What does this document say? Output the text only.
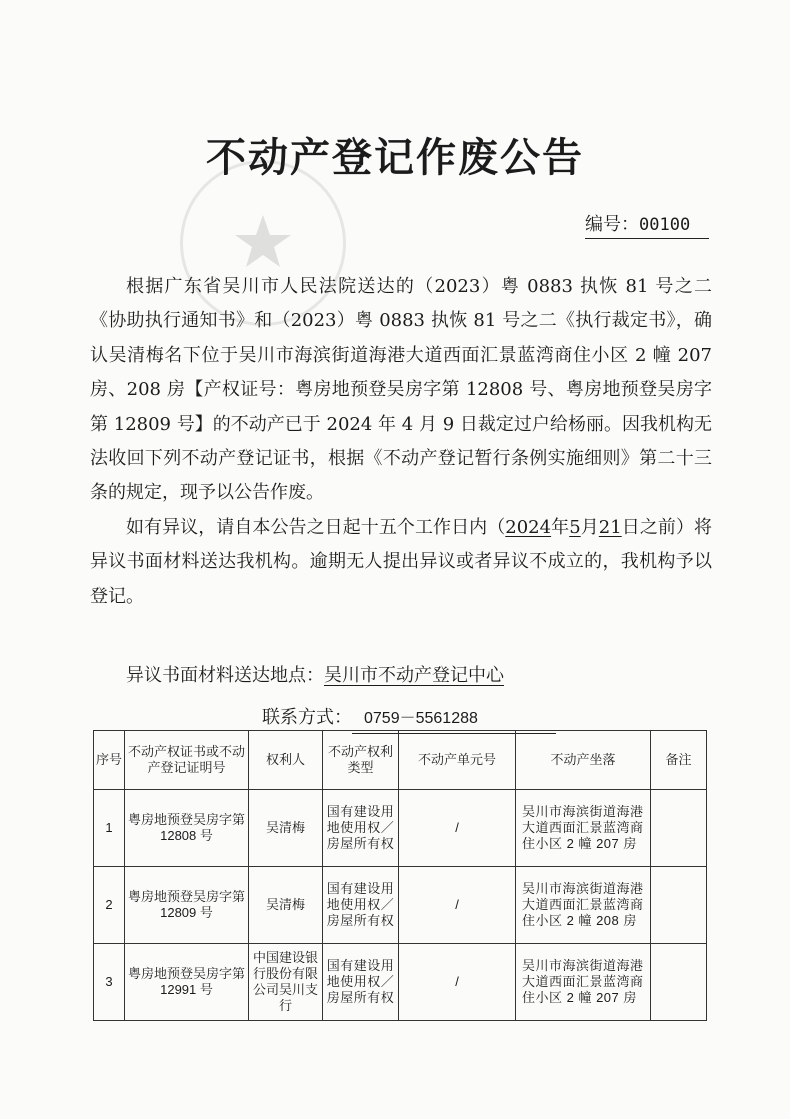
不动产登记作废公告
编号：00100

根据广东省吴川市人民法院送达的（2023）粤 0883 执恢 81 号之二《协助执行通知书》和（2023）粤 0883 执恢 81 号之二《执行裁定书》，确认吴清梅名下位于吴川市海滨街道海港大道西面汇景蓝湾商住小区 2 幢 207 房、208 房【产权证号：粤房地预登吴房字第 12808 号、粤房地预登吴房字第 12809 号】的不动产已于 2024 年 4 月 9 日裁定过户给杨丽。因我机构无法收回下列不动产登记证书，根据《不动产登记暂行条例实施细则》第二十三条的规定，现予以公告作废。

如有异议，请自本公告之日起十五个工作日内（2024年5月21日之前）将异议书面材料送达我机构。逾期无人提出异议或者异议不成立的，我机构予以登记。

异议书面材料送达地点：吴川市不动产登记中心
联系方式： 0759－5561288
序号	不动产权证书或不动产登记证明号	权利人	不动产权利类型	不动产单元号	不动产坐落	备注
1	粤房地预登吴房字第 12808 号	吴清梅	国有建设用地使用权／房屋所有权	/	吴川市海滨街道海港大道西面汇景蓝湾商住小区 2 幢 207 房	
2	粤房地预登吴房字第 12809 号	吴清梅	国有建设用地使用权／房屋所有权	/	吴川市海滨街道海港大道西面汇景蓝湾商住小区 2 幢 208 房	
3	粤房地预登吴房字第 12991 号	中国建设银行股份有限公司吴川支行	国有建设用地使用权／房屋所有权	/	吴川市海滨街道海港大道西面汇景蓝湾商住小区 2 幢 207 房	
